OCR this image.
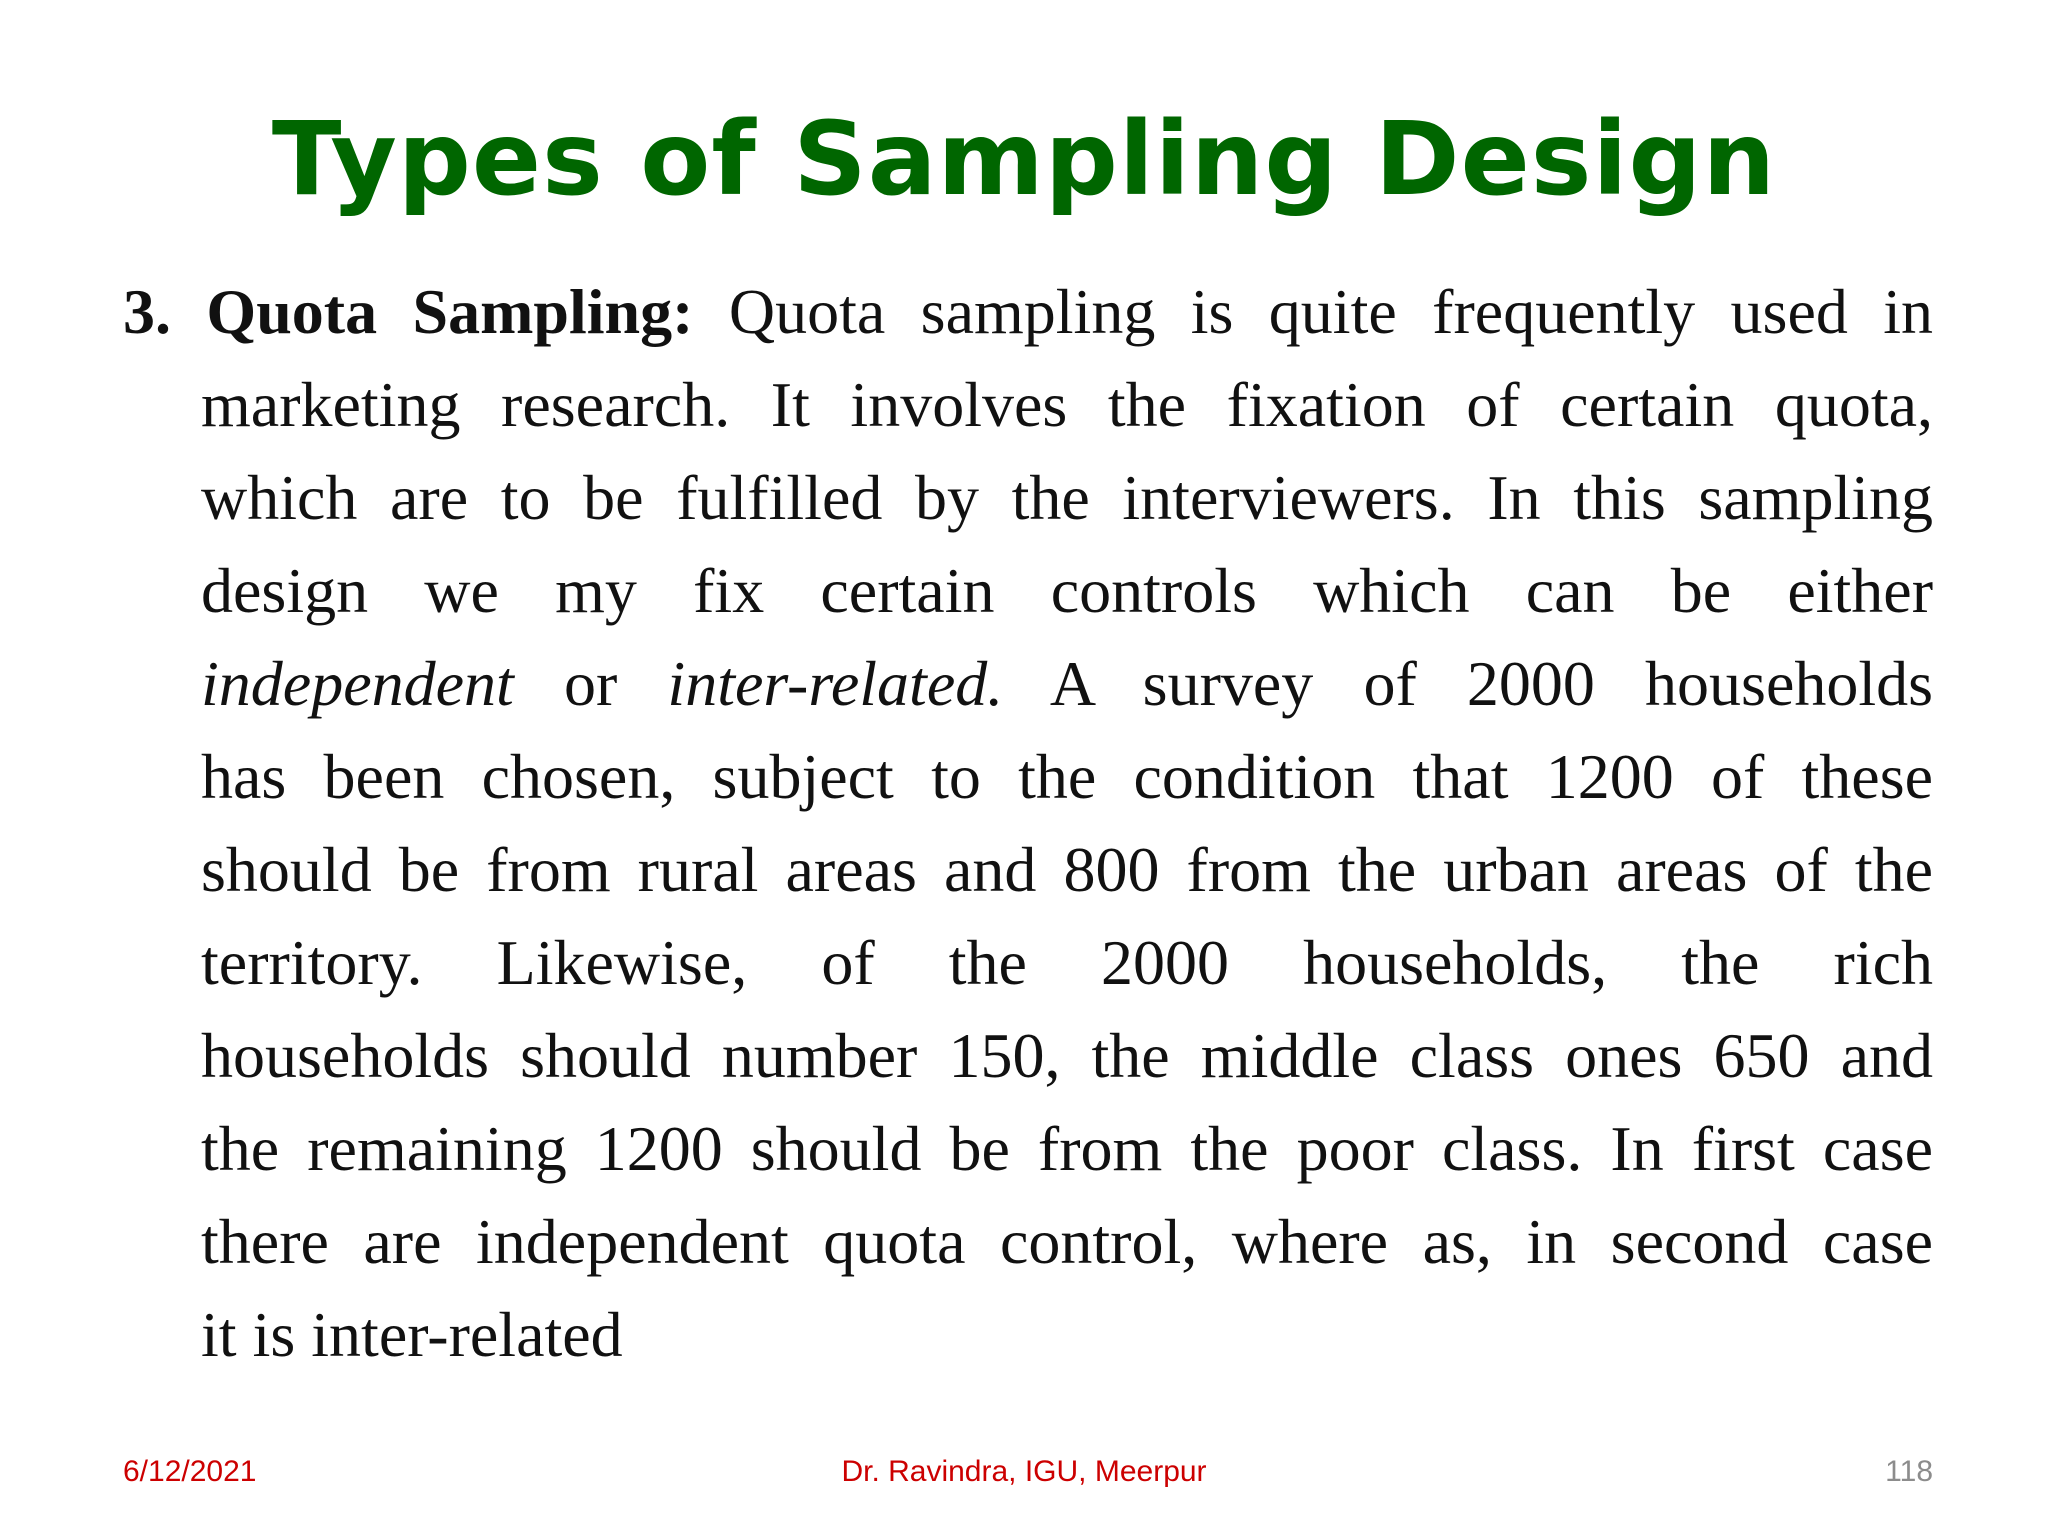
Types of Sampling Design
3. Quota Sampling: Quota sampling is quite frequently used in
marketing research. It involves the fixation of certain quota,
which are to be fulfilled by the interviewers. In this sampling
design we my fix certain controls which can be either
independent or inter-related. A survey of 2000 households
has been chosen, subject to the condition that 1200 of these
should be from rural areas and 800 from the urban areas of the
territory. Likewise, of the 2000 households, the rich
households should number 150, the middle class ones 650 and
the remaining 1200 should be from the poor class. In first case
there are independent quota control, where as, in second case
it is inter-related
Dr. Ravindra, IGU, Meerpur
6/12/2021	118
